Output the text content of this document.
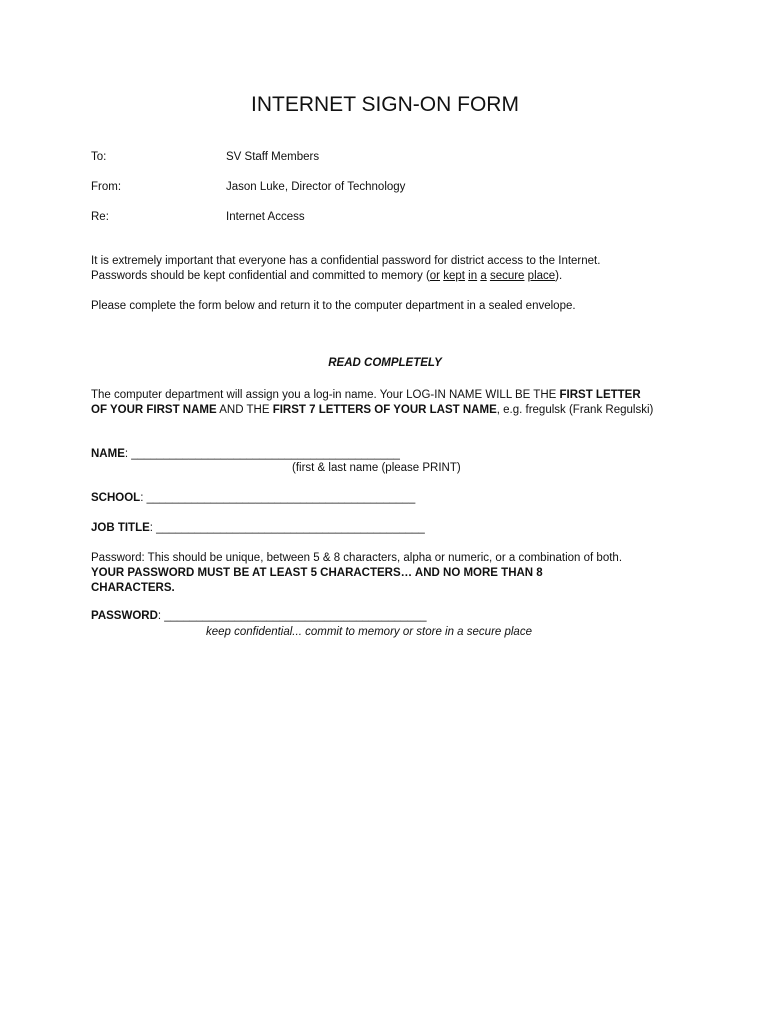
INTERNET SIGN-ON FORM
To:	SV Staff Members
From:	Jason Luke, Director of Technology
Re:	Internet Access

It is extremely important that everyone has a confidential password for district access to the Internet.
Passwords should be kept confidential and committed to memory (or kept in a secure place).

Please complete the form below and return it to the computer department in a sealed envelope.

READ COMPLETELY

The computer department will assign you a log-in name. Your LOG-IN NAME WILL BE THE FIRST LETTER OF YOUR FIRST NAME AND THE FIRST 7 LETTERS OF YOUR LAST NAME, e.g. fregulsk (Frank Regulski)

NAME: __________________________________________
(first & last name (please PRINT)
SCHOOL: __________________________________________
JOB TITLE: __________________________________________

Password: This should be unique, between 5 & 8 characters, alpha or numeric, or a combination of both.
YOUR PASSWORD MUST BE AT LEAST 5 CHARACTERS… AND NO MORE THAN 8 CHARACTERS.

PASSWORD: _________________________________________
keep confidential... commit to memory or store in a secure place
